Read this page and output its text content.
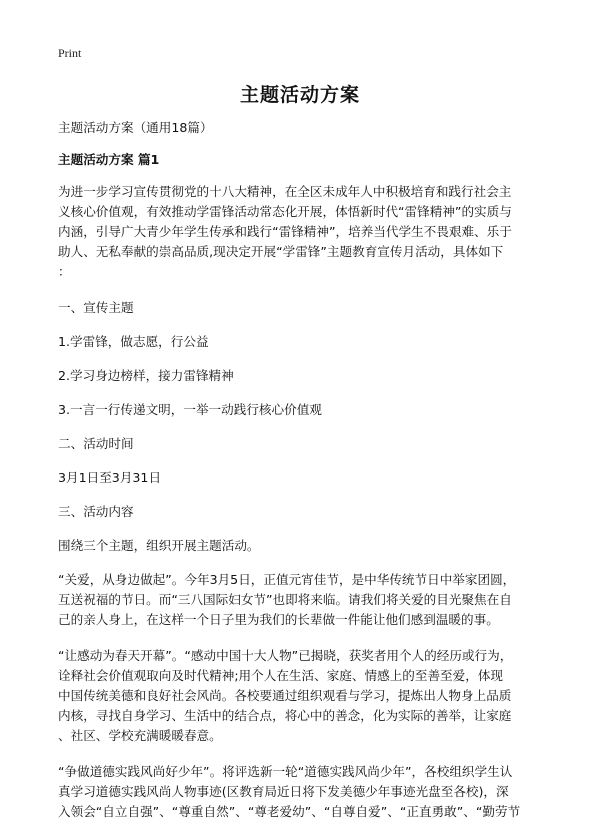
Print
主题活动方案

主题活动方案（通用18篇）

主题活动方案 篇1

为进一步学习宣传贯彻党的十八大精神，在全区未成年人中积极培育和践行社会主
义核心价值观，有效推动学雷锋活动常态化开展，体悟新时代“雷锋精神”的实质与
内涵，引导广大青少年学生传承和践行“雷锋精神”，培养当代学生不畏艰难、乐于
助人、无私奉献的崇高品质,现决定开展“学雷锋”主题教育宣传月活动，具体如下
：

一、宣传主题

1.学雷锋，做志愿，行公益

2.学习身边榜样，接力雷锋精神

3.一言一行传递文明，一举一动践行核心价值观

二、活动时间

3月1日至3月31日

三、活动内容

围绕三个主题，组织开展主题活动。

“关爱，从身边做起”。今年3月5日，正值元宵佳节，是中华传统节日中举家团圆，
互送祝福的节日。而“三八国际妇女节”也即将来临。请我们将关爱的目光聚焦在自
己的亲人身上，在这样一个日子里为我们的长辈做一件能让他们感到温暖的事。

“让感动为春天开幕”。“感动中国十大人物”已揭晓，获奖者用个人的经历或行为，
诠释社会价值观取向及时代精神;用个人在生活、家庭、情感上的至善至爱，体现
中国传统美德和良好社会风尚。各校要通过组织观看与学习，提炼出人物身上品质
内核，寻找自身学习、生活中的结合点，将心中的善念，化为实际的善举，让家庭
、社区、学校充满暖暖春意。

“争做道德实践风尚好少年”。将评选新一轮“道德实践风尚少年”，各校组织学生认
真学习道德实践风尚人物事迹(区教育局近日将下发美德少年事迹光盘至各校)，深
入领会“自立自强”、“尊重自然”、“尊老爱幼”、“自尊自爱”、“正直勇敢”、“勤劳节
